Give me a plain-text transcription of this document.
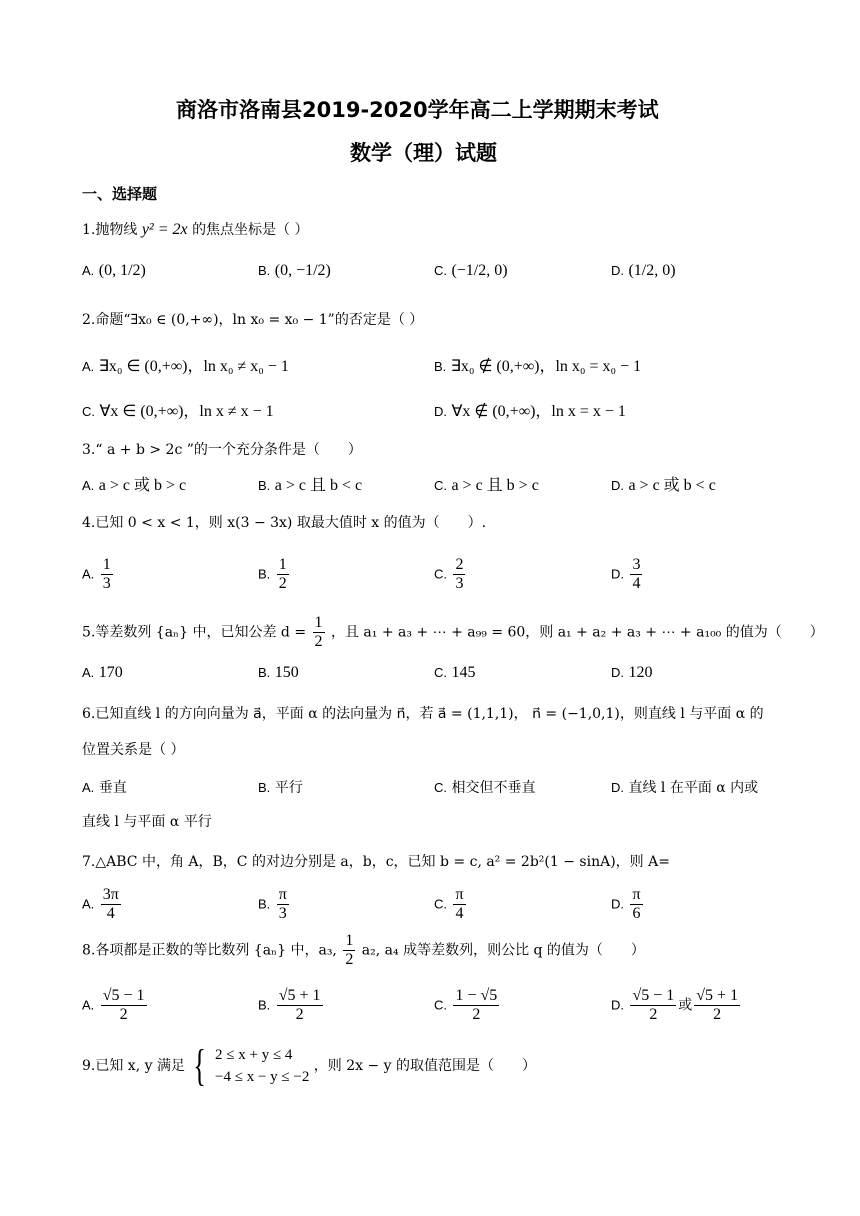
商洛市洛南县2019-2020学年高二上学期期末考试
数学（理）试题
一、选择题
1.抛物线 y² = 2x 的焦点坐标是（ ）
A. (0, 1/2)	B. (0, −1/2)	C. (−1/2, 0)	D. (1/2, 0)
2.命题“∃x₀ ∈ (0,+∞)，ln x₀ = x₀ − 1”的否定是（ ）
A. ∃x₀ ∈ (0,+∞)，ln x₀ ≠ x₀ − 1	B. ∃x₀ ∉ (0,+∞)，ln x₀ = x₀ − 1
C. ∀x ∈ (0,+∞)，ln x ≠ x − 1	D. ∀x ∉ (0,+∞)，ln x = x − 1
3.“ a + b > 2c ”的一个充分条件是（　　）
A. a > c 或 b > c	B. a > c 且 b < c	C. a > c 且 b > c	D. a > c 或 b < c
4.已知 0 < x < 1，则 x(3 − 3x) 取最大值时 x 的值为（　　）.
A. $\frac{1}{3}$	B. $\frac{1}{2}$	C. $\frac{2}{3}$	D. $\frac{3}{4}$
5.等差数列 {aₙ} 中，已知公差 $d = \frac{1}{2}$ ，且 a₁ + a₃ + ⋯ + a₉₉ = 60，则 a₁ + a₂ + a₃ + ⋯ + a₁₀₀ 的值为（　　）
A. 170	B. 150	C. 145	D. 120
6.已知直线 l 的方向向量为 a⃗，平面 α 的法向量为 n⃗，若 a⃗ = (1,1,1)， n⃗ = (−1,0,1)，则直线 l 与平面 α 的
位置关系是（ ）
A. 垂直	B. 平行	C. 相交但不垂直	D. 直线 l 在平面 α 内或
直线 l 与平面 α 平行
7.△ABC 中，角 A，B，C 的对边分别是 a，b，c，已知 b = c, a² = 2b²(1 − sinA)，则 A=
A. $\frac{3\pi}{4}$	B. $\frac{\pi}{3}$	C. $\frac{\pi}{4}$	D. $\frac{\pi}{6}$
8.各项都是正数的等比数列 {aₙ} 中，a₃, $\frac{1}{2} a_2$, a₄ 成等差数列，则公比 q 的值为（　　）
A. $\frac{√5 - 1}{2}$	B. $\frac{√5 + 1}{2}$	C. $\frac{1 - √5}{2}$	D. $\frac{√5 - 1}{2}$ 或 $\frac{√5 + 1}{2}$
9.已知 x, y 满足 { 2 ≤ x + y ≤ 4
−4 ≤ x − y ≤ −2
，则 2x − y 的取值范围是（　　）
